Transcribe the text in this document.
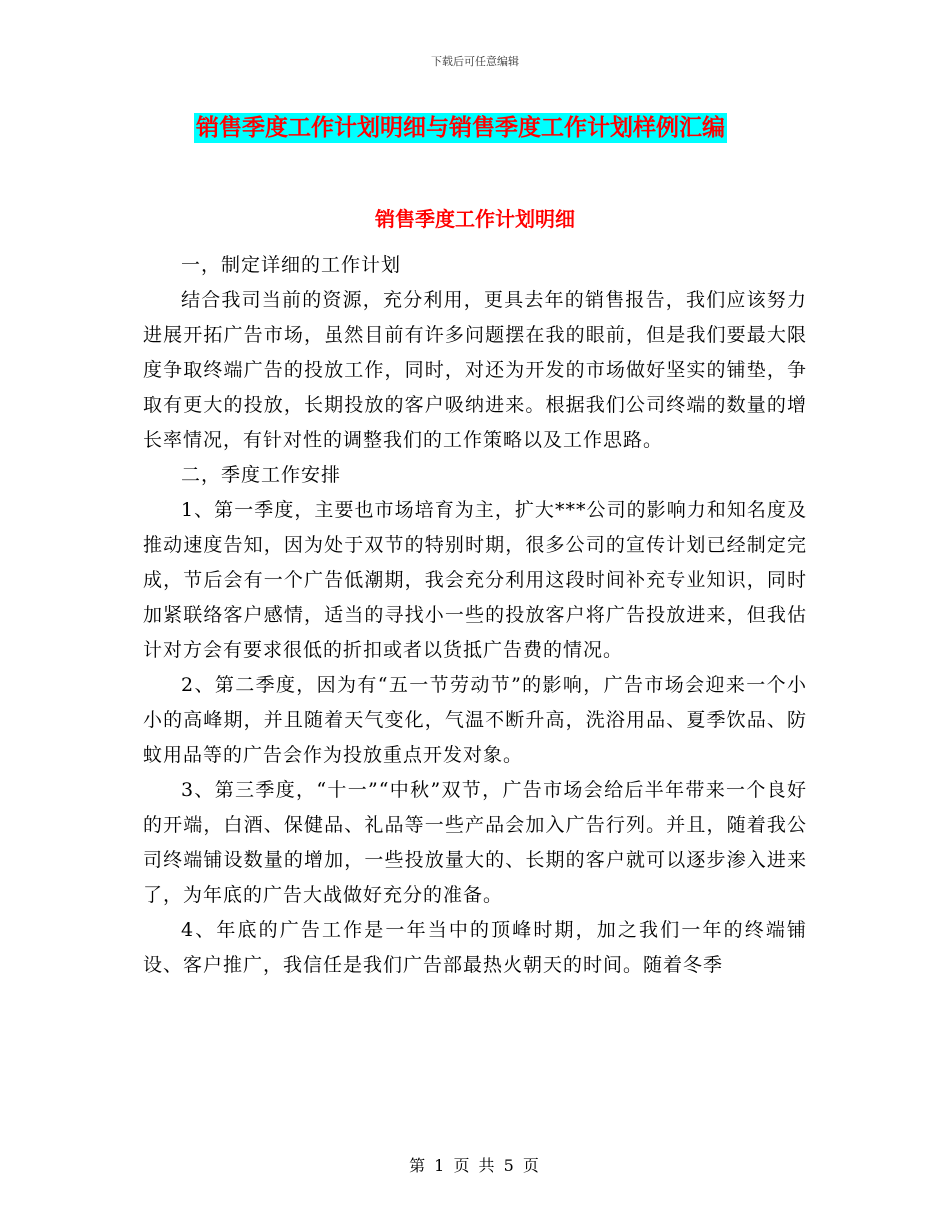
下载后可任意编辑
销售季度工作计划明细与销售季度工作计划样例汇编
销售季度工作计划明细

一，制定详细的工作计划

结合我司当前的资源，充分利用，更具去年的销售报告，我们应该努力进展开拓广告市场，虽然目前有许多问题摆在我的眼前，但是我们要最大限度争取终端广告的投放工作，同时，对还为开发的市场做好坚实的铺垫，争取有更大的投放，长期投放的客户吸纳进来。根据我们公司终端的数量的增长率情况，有针对性的调整我们的工作策略以及工作思路。

二，季度工作安排

1、第一季度，主要也市场培育为主，扩大***公司的影响力和知名度及推动速度告知，因为处于双节的特别时期，很多公司的宣传计划已经制定完成，节后会有一个广告低潮期，我会充分利用这段时间补充专业知识，同时加紧联络客户感情，适当的寻找小一些的投放客户将广告投放进来，但我估计对方会有要求很低的折扣或者以货抵广告费的情况。

2、第二季度，因为有“五一节劳动节”的影响，广告市场会迎来一个小小的高峰期，并且随着天气变化，气温不断升高，洗浴用品、夏季饮品、防蚊用品等的广告会作为投放重点开发对象。

3、第三季度，“十一”“中秋”双节，广告市场会给后半年带来一个良好的开端，白酒、保健品、礼品等一些产品会加入广告行列。并且，随着我公司终端铺设数量的增加，一些投放量大的、长期的客户就可以逐步渗入进来了，为年底的广告大战做好充分的准备。

4、年底的广告工作是一年当中的顶峰时期，加之我们一年的终端铺设、客户推广，我信任是我们广告部最热火朝天的时间。随着冬季

第 1 页 共 5 页
